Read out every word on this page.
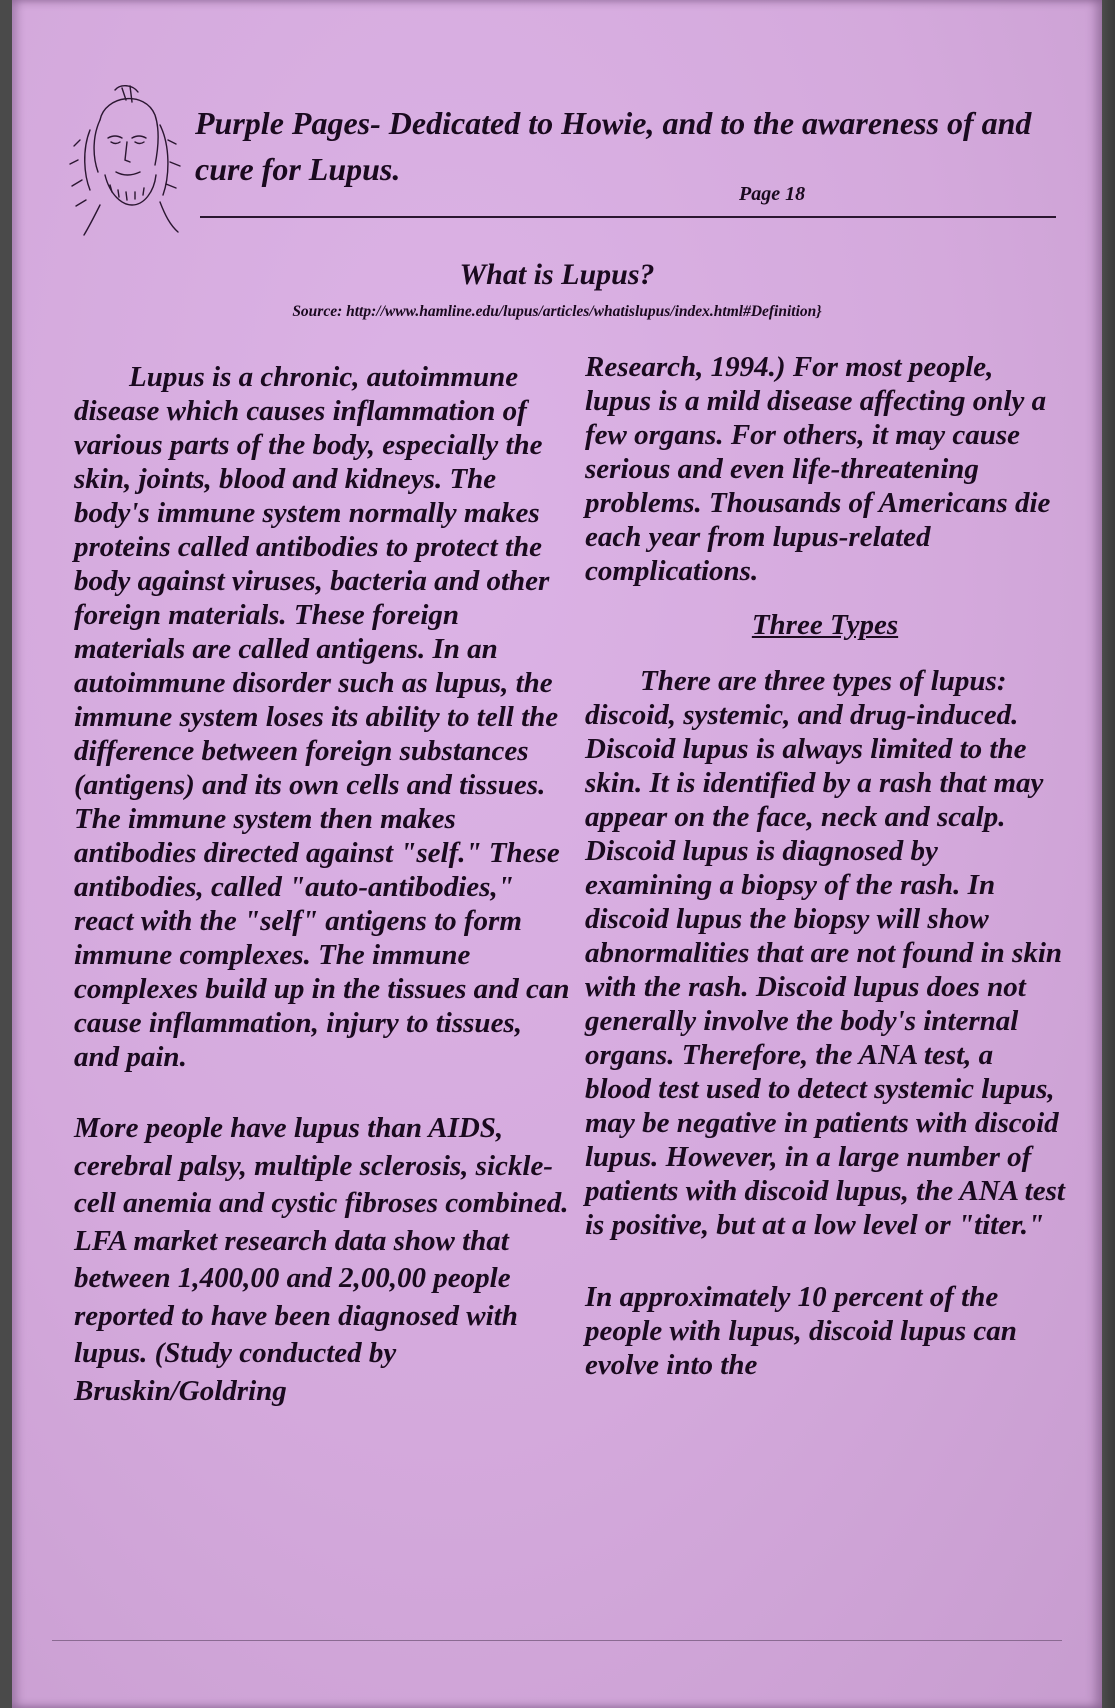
Purple Pages- Dedicated to Howie, and to the awareness of and cure for Lupus.
Page 18
What is Lupus?
Source: http://www.hamline.edu/lupus/articles/whatislupus/index.html#Definition}

Lupus is a chronic, autoimmune disease which causes inflammation of various parts of the body, especially the skin, joints, blood and kidneys. The body's immune system normally makes proteins called antibodies to protect the body against viruses, bacteria and other foreign materials. These foreign materials are called antigens. In an autoimmune disorder such as lupus, the immune system loses its ability to tell the difference between foreign substances (antigens) and its own cells and tissues. The immune system then makes antibodies directed against "self." These antibodies, called "auto-antibodies," react with the "self" antigens to form immune complexes. The immune complexes build up in the tissues and can cause inflammation, injury to tissues, and pain.

More people have lupus than AIDS, cerebral palsy, multiple sclerosis, sickle-cell anemia and cystic fibroses combined. LFA market research data show that between 1,400,00 and 2,00,00 people reported to have been diagnosed with lupus. (Study conducted by Bruskin/Goldring

Research, 1994.) For most people, lupus is a mild disease affecting only a few organs. For others, it may cause serious and even life-threatening problems. Thousands of Americans die each year from lupus-related complications.

Three Types

There are three types of lupus: discoid, systemic, and drug-induced. Discoid lupus is always limited to the skin. It is identified by a rash that may appear on the face, neck and scalp. Discoid lupus is diagnosed by examining a biopsy of the rash. In discoid lupus the biopsy will show abnormalities that are not found in skin with the rash. Discoid lupus does not generally involve the body's internal organs. Therefore, the ANA test, a blood test used to detect systemic lupus, may be negative in patients with discoid lupus. However, in a large number of patients with discoid lupus, the ANA test is positive, but at a low level or "titer."

In approximately 10 percent of the people with lupus, discoid lupus can evolve into the
